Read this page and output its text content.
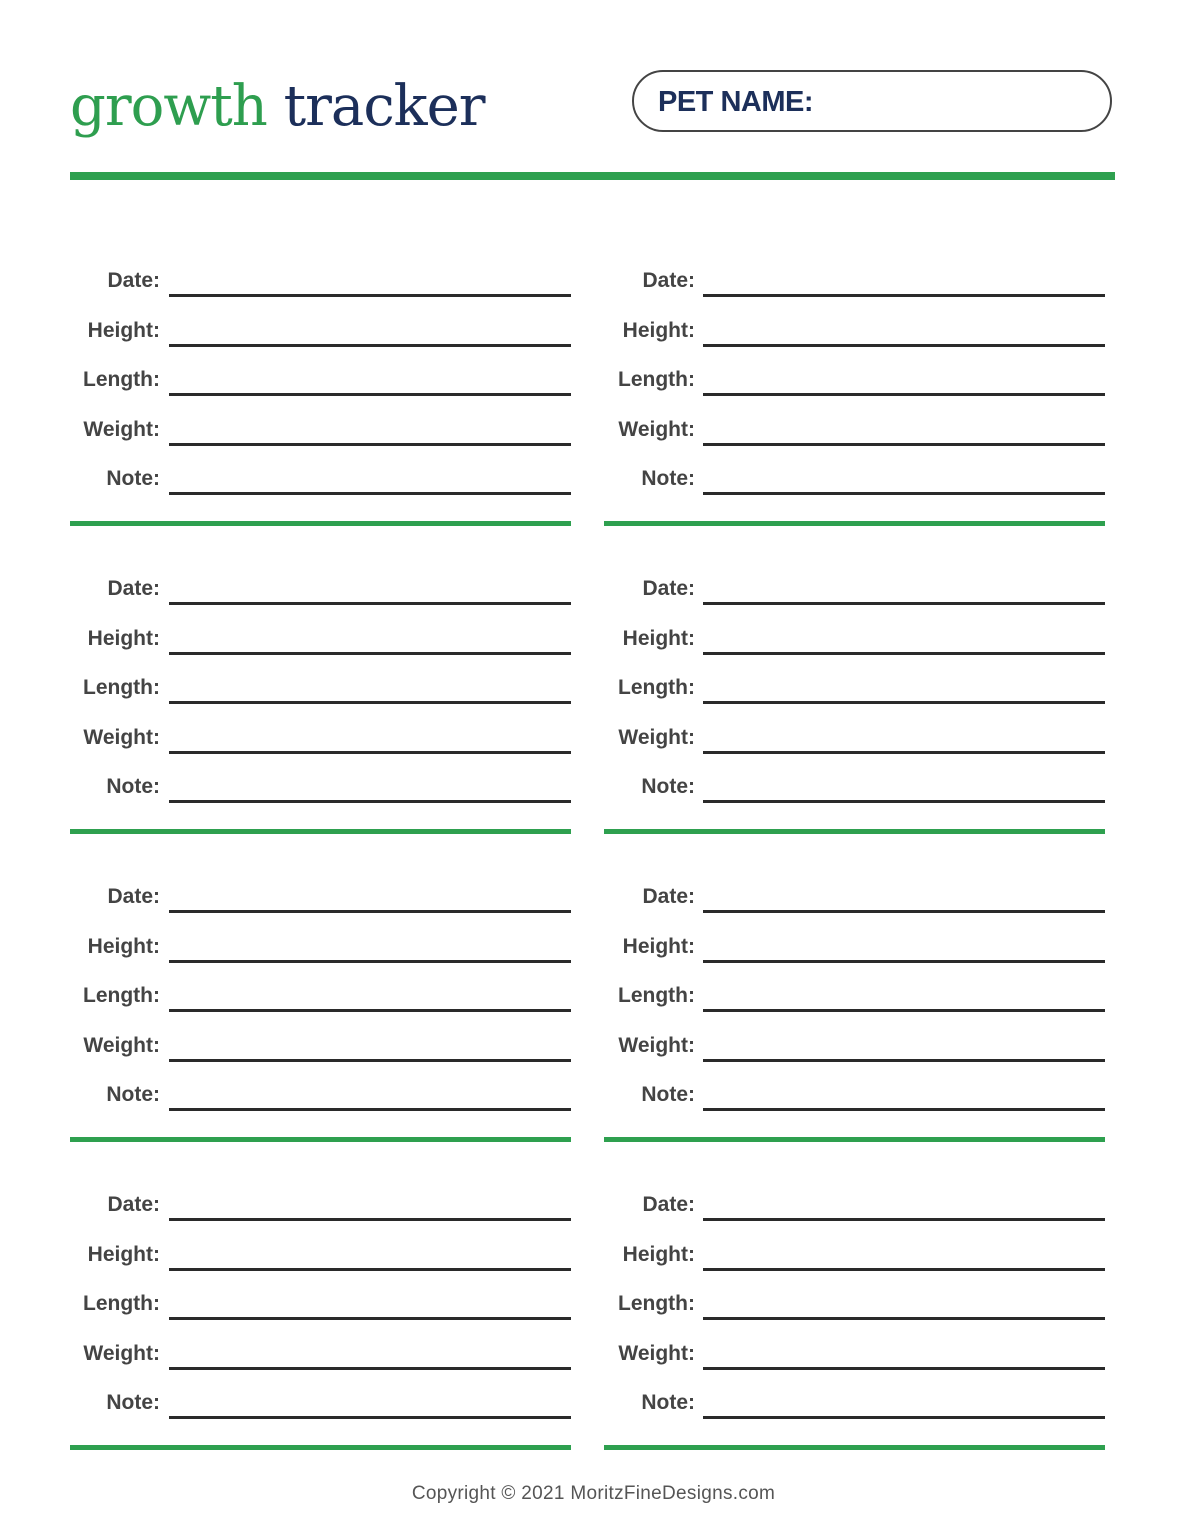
growth tracker	PET NAME:
Date:
Height:
Length:
Weight:
Note:
Date:
Height:
Length:
Weight:
Note:
Date:
Height:
Length:
Weight:
Note:
Date:
Height:
Length:
Weight:
Note:
Date:
Height:
Length:
Weight:
Note:
Date:
Height:
Length:
Weight:
Note:
Date:
Height:
Length:
Weight:
Note:
Date:
Height:
Length:
Weight:
Note:
Copyright © 2021 MoritzFineDesigns.com
